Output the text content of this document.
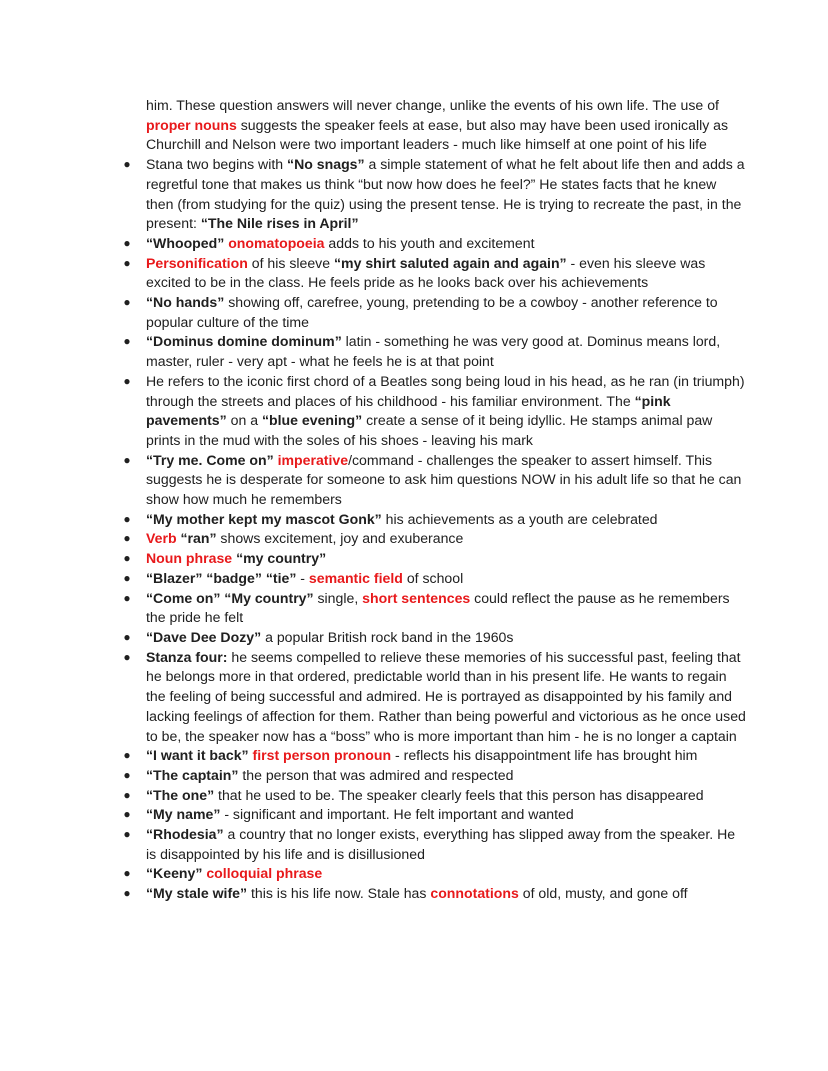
him. These question answers will never change, unlike the events of his own life. The use of proper nouns suggests the speaker feels at ease, but also may have been used ironically as Churchill and Nelson were two important leaders - much like himself at one point of his life

● Stana two begins with “No snags” a simple statement of what he felt about life then and adds a regretful tone that makes us think “but now how does he feel?” He states facts that he knew then (from studying for the quiz) using the present tense. He is trying to recreate the past, in the present: “The Nile rises in April”
● “Whooped” onomatopoeia adds to his youth and excitement
● Personification of his sleeve “my shirt saluted again and again” - even his sleeve was excited to be in the class. He feels pride as he looks back over his achievements
● “No hands” showing off, carefree, young, pretending to be a cowboy - another reference to popular culture of the time
● “Dominus domine dominum” latin - something he was very good at. Dominus means lord, master, ruler - very apt - what he feels he is at that point
● He refers to the iconic first chord of a Beatles song being loud in his head, as he ran (in triumph) through the streets and places of his childhood - his familiar environment. The “pink pavements” on a “blue evening” create a sense of it being idyllic. He stamps animal paw prints in the mud with the soles of his shoes - leaving his mark
● “Try me. Come on” imperative/command - challenges the speaker to assert himself. This suggests he is desperate for someone to ask him questions NOW in his adult life so that he can show how much he remembers
● “My mother kept my mascot Gonk” his achievements as a youth are celebrated
● Verb “ran” shows excitement, joy and exuberance
● Noun phrase “my country”
● “Blazer” “badge” “tie” - semantic field of school
● “Come on” “My country” single, short sentences could reflect the pause as he remembers the pride he felt
● “Dave Dee Dozy” a popular British rock band in the 1960s
● Stanza four: he seems compelled to relieve these memories of his successful past, feeling that he belongs more in that ordered, predictable world than in his present life. He wants to regain the feeling of being successful and admired. He is portrayed as disappointed by his family and lacking feelings of affection for them. Rather than being powerful and victorious as he once used to be, the speaker now has a “boss” who is more important than him - he is no longer a captain
● “I want it back” first person pronoun - reflects his disappointment life has brought him
● “The captain” the person that was admired and respected
● “The one” that he used to be. The speaker clearly feels that this person has disappeared
● “My name” - significant and important. He felt important and wanted
● “Rhodesia” a country that no longer exists, everything has slipped away from the speaker. He is disappointed by his life and is disillusioned
● “Keeny” colloquial phrase
● “My stale wife” this is his life now. Stale has connotations of old, musty, and gone off
